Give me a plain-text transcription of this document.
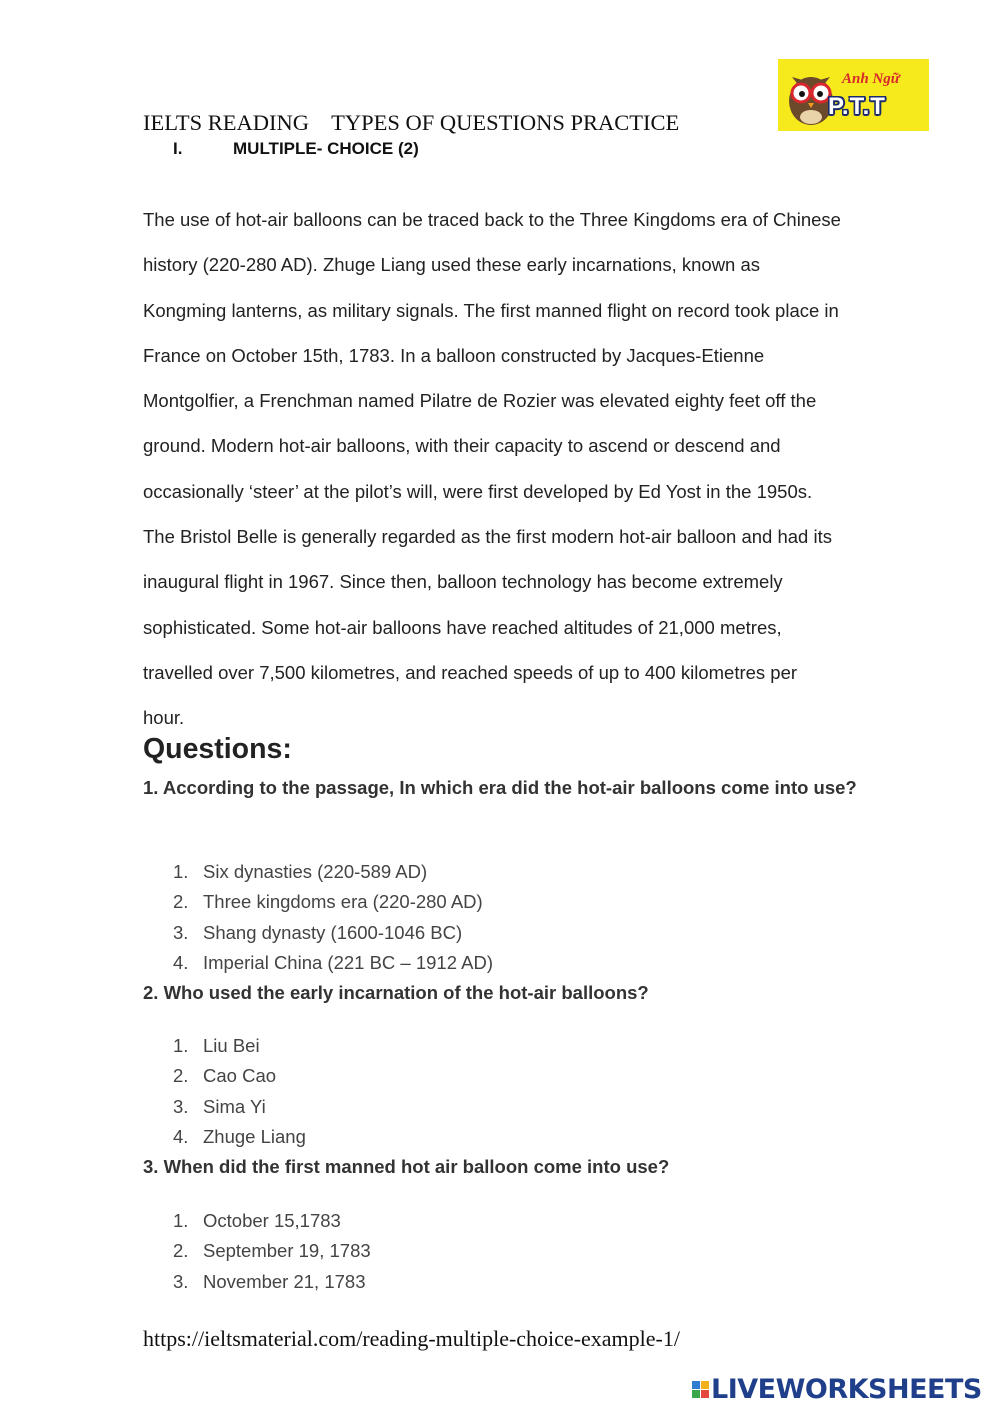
Anh Ngữ
P.T.T
IELTS READING    TYPES OF QUESTIONS PRACTICE
I.	MULTIPLE- CHOICE (2)
The use of hot-air balloons can be traced back to the Three Kingdoms era of Chinese
history (220-280 AD). Zhuge Liang used these early incarnations, known as
Kongming lanterns, as military signals. The first manned flight on record took place in
France on October 15th, 1783. In a balloon constructed by Jacques-Etienne
Montgolfier, a Frenchman named Pilatre de Rozier was elevated eighty feet off the
ground. Modern hot-air balloons, with their capacity to ascend or descend and
occasionally ‘steer’ at the pilot’s will, were first developed by Ed Yost in the 1950s.
The Bristol Belle is generally regarded as the first modern hot-air balloon and had its
inaugural flight in 1967. Since then, balloon technology has become extremely
sophisticated. Some hot-air balloons have reached altitudes of 21,000 metres,
travelled over 7,500 kilometres, and reached speeds of up to 400 kilometres per
hour.
Questions:
1. According to the passage, In which era did the hot-air balloons come into use?
1. Six dynasties (220-589 AD)
2. Three kingdoms era (220-280 AD)
3. Shang dynasty (1600-1046 BC)
4. Imperial China (221 BC – 1912 AD)
2. Who used the early incarnation of the hot-air balloons?
1. Liu Bei
2. Cao Cao
3. Sima Yi
4. Zhuge Liang
3. When did the first manned hot air balloon come into use?
1. October 15,1783
2. September 19, 1783
3. November 21, 1783
https://ieltsmaterial.com/reading-multiple-choice-example-1/
LIVEWORKSHEETS
